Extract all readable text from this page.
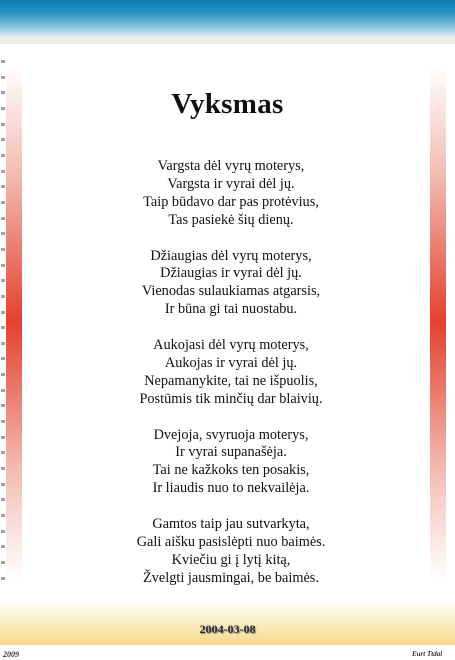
Vyksmas
Vargsta dėl vyrų moterys,
Vargsta ir vyrai dėl jų.
Taip būdavo dar pas protėvius,
Tas pasiekė šių dienų.
Džiaugias dėl vyrų moterys,
Džiaugias ir vyrai dėl jų.
Vienodas sulaukiamas atgarsis,
Ir būna gi tai nuostabu.
Aukojasi dėl vyrų moterys,
Aukojas ir vyrai dėl jų.
Nepamanykite, tai ne išpuolis,
Postūmis tik minčių dar blaivių.
Dvejoja, svyruoja moterys,
Ir vyrai supanašėja.
Tai ne kažkoks ten posakis,
Ir liaudis nuo to nekvailėja.
Gamtos taip jau sutvarkyta,
Gali aišku pasislėpti nuo baimės.
Kviečiu gi į lytį kitą,
Žvelgti jausmingai, be baimės.
2004-03-08
2009	Eurt Ttdal
